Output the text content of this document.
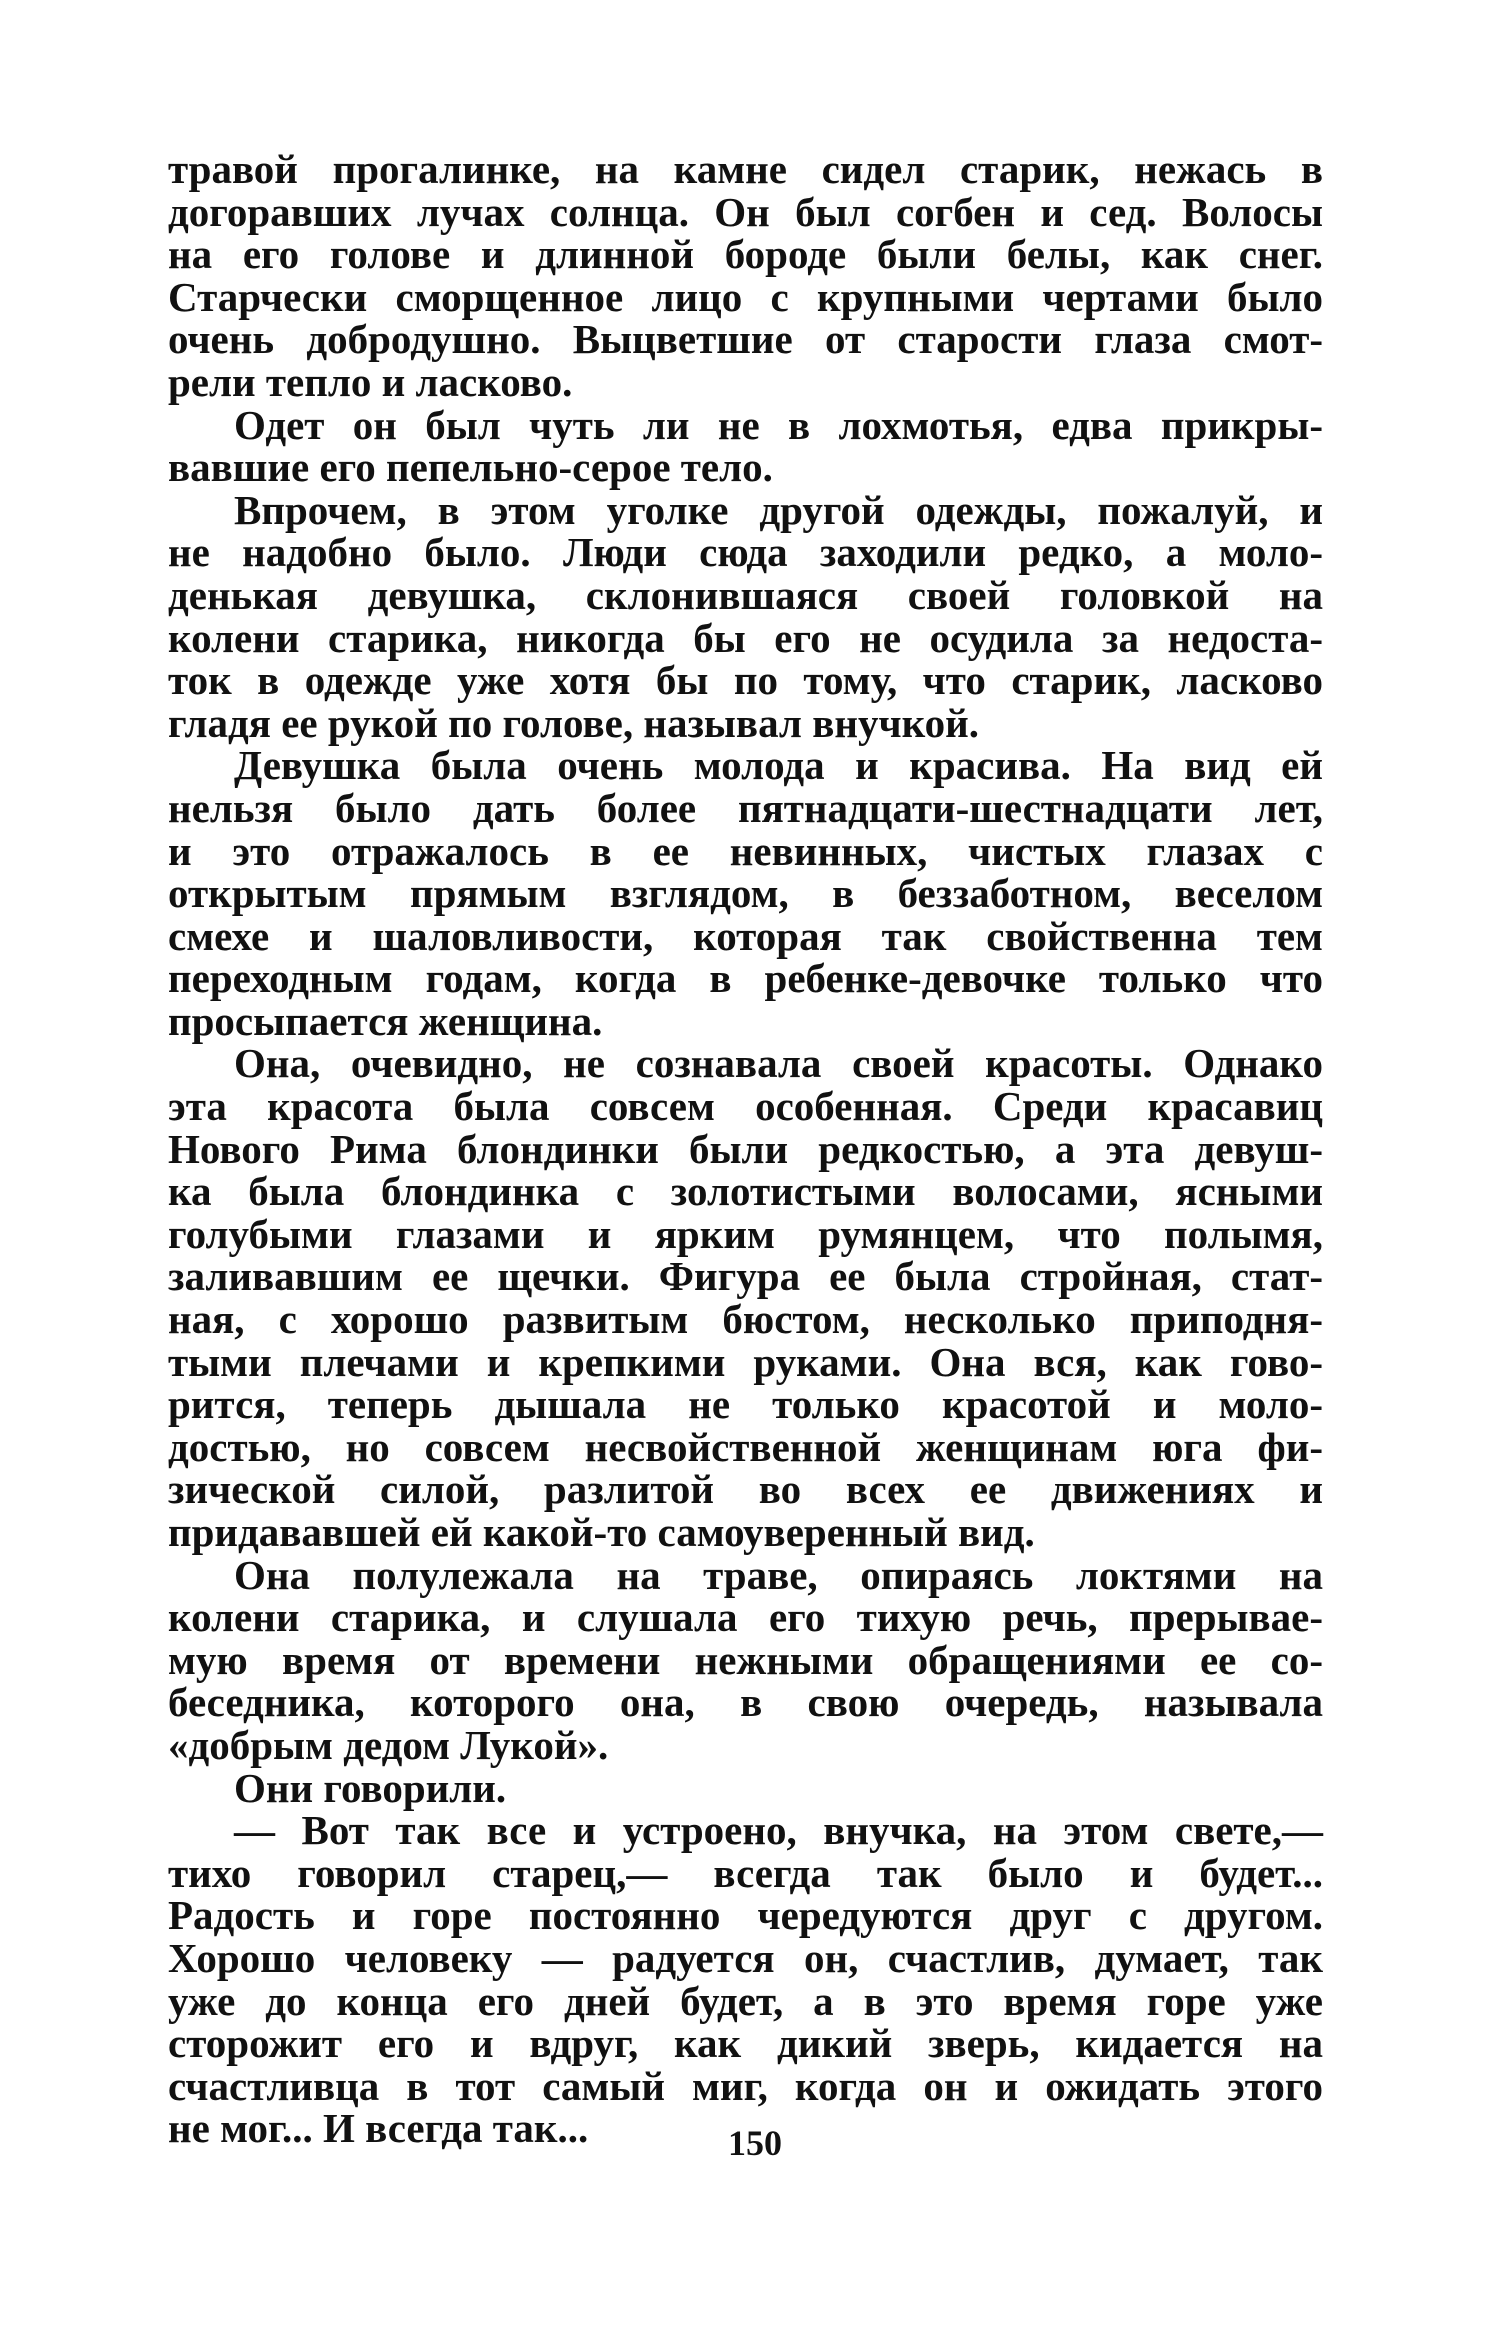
травой прогалинке, на камне сидел старик, нежась в
догоравших лучах солнца. Он был согбен и сед. Волосы
на его голове и длинной бороде были белы, как снег.
Старчески сморщенное лицо с крупными чертами было
очень добродушно. Выцветшие от старости глаза смот-
рели тепло и ласково.
Одет он был чуть ли не в лохмотья, едва прикры-
вавшие его пепельно-серое тело.
Впрочем, в этом уголке другой одежды, пожалуй, и
не надобно было. Люди сюда заходили редко, а моло-
денькая девушка, склонившаяся своей головкой на
колени старика, никогда бы его не осудила за недоста-
ток в одежде уже хотя бы по тому, что старик, ласково
гладя ее рукой по голове, называл внучкой.
Девушка была очень молода и красива. На вид ей
нельзя было дать более пятнадцати-шестнадцати лет,
и это отражалось в ее невинных, чистых глазах с
открытым прямым взглядом, в беззаботном, веселом
смехе и шаловливости, которая так свойственна тем
переходным годам, когда в ребенке-девочке только что
просыпается женщина.
Она, очевидно, не сознавала своей красоты. Однако
эта красота была совсем особенная. Среди красавиц
Нового Рима блондинки были редкостью, а эта девуш-
ка была блондинка с золотистыми волосами, ясными
голубыми глазами и ярким румянцем, что полымя,
заливавшим ее щечки. Фигура ее была стройная, стат-
ная, с хорошо развитым бюстом, несколько приподня-
тыми плечами и крепкими руками. Она вся, как гово-
рится, теперь дышала не только красотой и моло-
достью, но совсем несвойственной женщинам юга фи-
зической силой, разлитой во всех ее движениях и
придававшей ей какой-то самоуверенный вид.
Она полулежала на траве, опираясь локтями на
колени старика, и слушала его тихую речь, прерывае-
мую время от времени нежными обращениями ее со-
беседника, которого она, в свою очередь, называла
«добрым дедом Лукой».
Они говорили.
— Вот так все и устроено, внучка, на этом свете,—
тихо говорил старец,— всегда так было и будет...
Радость и горе постоянно чередуются друг с другом.
Хорошо человеку — радуется он, счастлив, думает, так
уже до конца его дней будет, а в это время горе уже
сторожит его и вдруг, как дикий зверь, кидается на
счастливца в тот самый миг, когда он и ожидать этого
не мог... И всегда так...	150
